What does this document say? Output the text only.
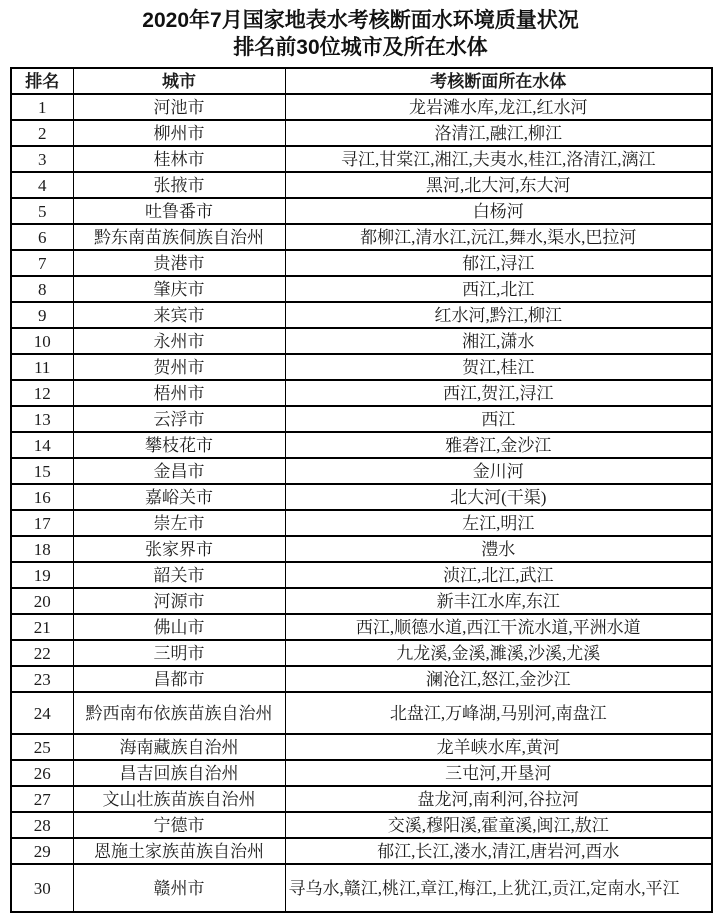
2020年7月国家地表水考核断面水环境质量状况
排名前30位城市及所在水体
排名	城市	考核断面所在水体
1	河池市	龙岩滩水库,龙江,红水河
2	柳州市	洛清江,融江,柳江
3	桂林市	寻江,甘棠江,湘江,夫夷水,桂江,洛清江,漓江
4	张掖市	黑河,北大河,东大河
5	吐鲁番市	白杨河
6	黔东南苗族侗族自治州	都柳江,清水江,沅江,舞水,渠水,巴拉河
7	贵港市	郁江,浔江
8	肇庆市	西江,北江
9	来宾市	红水河,黔江,柳江
10	永州市	湘江,潇水
11	贺州市	贺江,桂江
12	梧州市	西江,贺江,浔江
13	云浮市	西江
14	攀枝花市	雅砻江,金沙江
15	金昌市	金川河
16	嘉峪关市	北大河(干渠)
17	崇左市	左江,明江
18	张家界市	澧水
19	韶关市	浈江,北江,武江
20	河源市	新丰江水库,东江
21	佛山市	西江,顺德水道,西江干流水道,平洲水道
22	三明市	九龙溪,金溪,濉溪,沙溪,尤溪
23	昌都市	澜沧江,怒江,金沙江
24	黔西南布依族苗族自治州	北盘江,万峰湖,马别河,南盘江
25	海南藏族自治州	龙羊峡水库,黄河
26	昌吉回族自治州	三屯河,开垦河
27	文山壮族苗族自治州	盘龙河,南利河,谷拉河
28	宁德市	交溪,穆阳溪,霍童溪,闽江,敖江
29	恩施土家族苗族自治州	郁江,长江,溇水,清江,唐岩河,酉水
30	赣州市	寻乌水,赣江,桃江,章江,梅江,上犹江,贡江,定南水,平江
